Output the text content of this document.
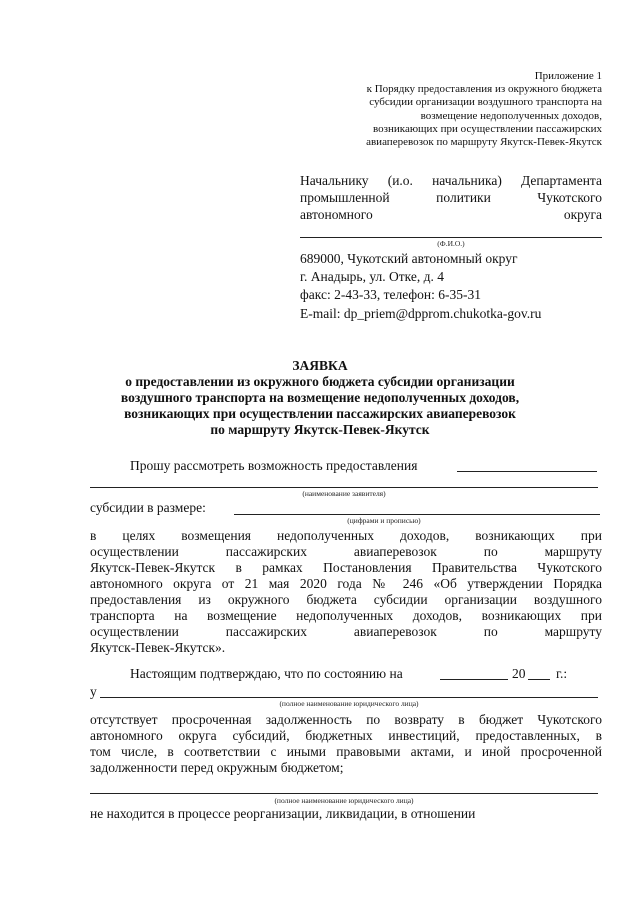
Приложение 1
к Порядку предоставления из окружного бюджета
субсидии организации воздушного транспорта на
возмещение недополученных доходов,
возникающих при осуществлении пассажирских
авиаперевозок по маршруту Якутск-Певек-Якутск
Начальнику (и.о. начальника) Департамента
промышленной политики Чукотского
автономного округа
(Ф.И.О.)
689000, Чукотский автономный округ
г. Анадырь, ул. Отке, д. 4
факс: 2-43-33, телефон: 6-35-31
E-mail: dp_priem@dpprom.chukotka-gov.ru
ЗАЯВКА
о предоставлении из окружного бюджета субсидии организации
воздушного транспорта на возмещение недополученных доходов,
возникающих при осуществлении пассажирских авиаперевозок
по маршруту Якутск-Певек-Якутск
Прошу рассмотреть возможность предоставления
(наименование заявителя)
субсидии в размере:
(цифрами и прописью)
в целях возмещения недополученных доходов, возникающих при
осуществлении пассажирских авиаперевозок по маршруту
Якутск-Певек-Якутск в рамках Постановления Правительства Чукотского
автономного округа от 21 мая 2020 года № 246 «Об утверждении Порядка
предоставления из окружного бюджета субсидии организации воздушного
транспорта на возмещение недополученных доходов, возникающих при
осуществлении пассажирских авиаперевозок по маршруту
Якутск-Певек-Якутск».
Настоящим подтверждаю, что по состоянию на	20 г.:
у
(полное наименование юридического лица)
отсутствует просроченная задолженность по возврату в бюджет Чукотского
автономного округа субсидий, бюджетных инвестиций, предоставленных, в
том числе, в соответствии с иными правовыми актами, и иной просроченной
задолженности перед окружным бюджетом;
(полное наименование юридического лица)
не находится в процессе реорганизации, ликвидации, в отношении
